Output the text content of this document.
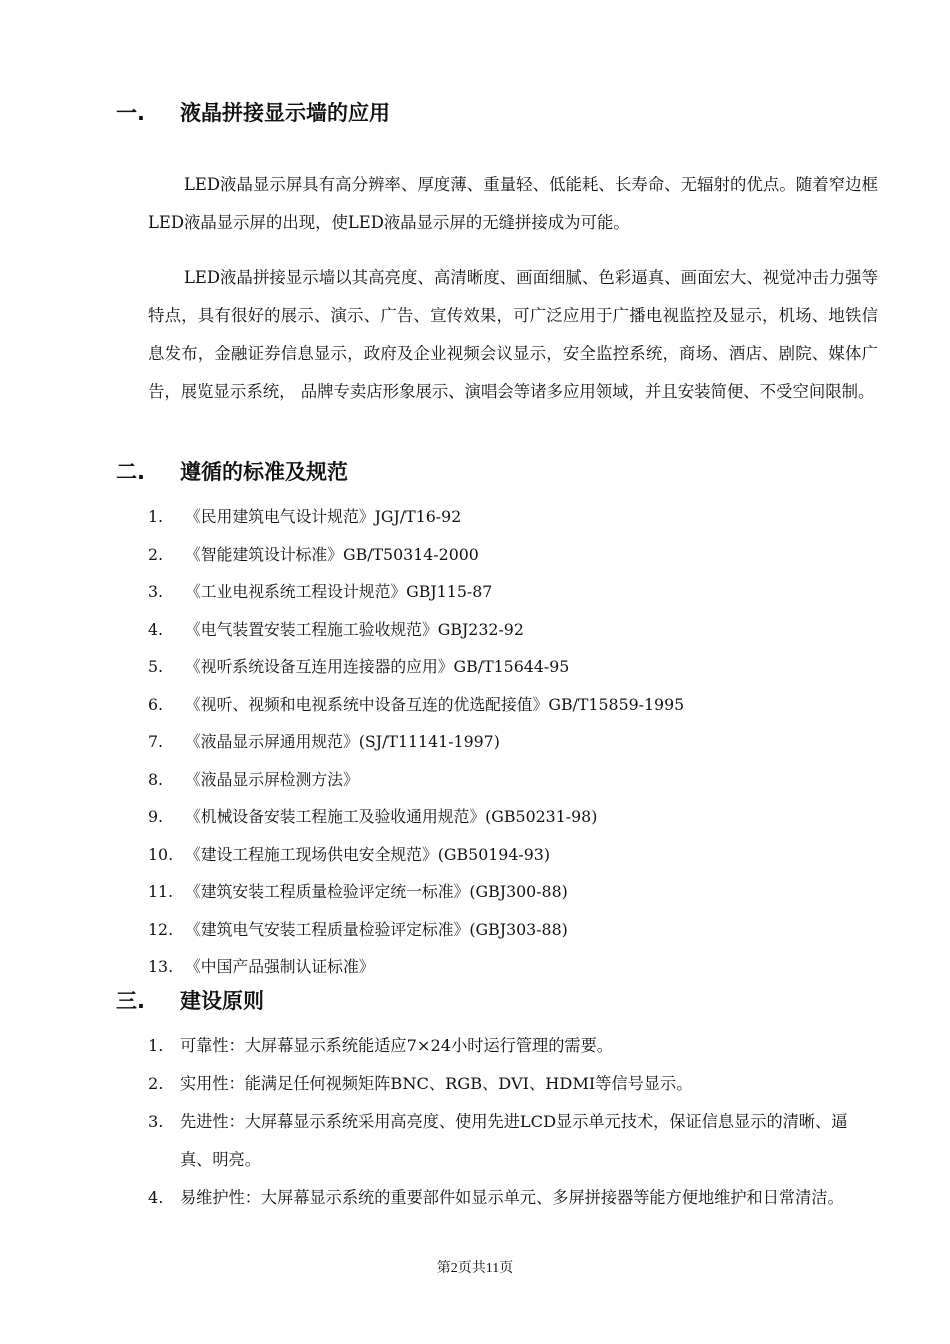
一. 液晶拼接显示墙的应用

LED液晶显示屏具有高分辨率、厚度薄、重量轻、低能耗、长寿命、无辐射的优点。随着窄边框LED液晶显示屏的出现，使LED液晶显示屏的无缝拼接成为可能。

LED液晶拼接显示墙以其高亮度、高清晰度、画面细腻、色彩逼真、画面宏大、视觉冲击力强等特点，具有很好的展示、演示、广告、宣传效果，可广泛应用于广播电视监控及显示，机场、地铁信息发布，金融证券信息显示，政府及企业视频会议显示，安全监控系统，商场、酒店、剧院、媒体广告，展览显示系统， 品牌专卖店形象展示、演唱会等诸多应用领域，并且安装简便、不受空间限制。

二. 遵循的标准及规范
1. 《民用建筑电气设计规范》JGJ/T16-92
2. 《智能建筑设计标准》GB/T50314-2000
3. 《工业电视系统工程设计规范》GBJ115-87
4. 《电气装置安装工程施工验收规范》GBJ232-92
5. 《视听系统设备互连用连接器的应用》GB/T15644-95
6. 《视听、视频和电视系统中设备互连的优选配接值》GB/T15859-1995
7. 《液晶显示屏通用规范》(SJ/T11141-1997)
8. 《液晶显示屏检测方法》
9. 《机械设备安装工程施工及验收通用规范》(GB50231-98)
10. 《建设工程施工现场供电安全规范》(GB50194-93)
11. 《建筑安装工程质量检验评定统一标准》(GBJ300-88)
12. 《建筑电气安装工程质量检验评定标准》(GBJ303-88)
13. 《中国产品强制认证标准》
三. 建设原则
1.	可靠性：大屏幕显示系统能适应7×24小时运行管理的需要。
2.	实用性：能满足任何视频矩阵BNC、RGB、DVI、HDMI等信号显示。
3.	先进性：大屏幕显示系统采用高亮度、使用先进LCD显示单元技术，保证信息显示的清晰、逼真、明亮。
4.	易维护性：大屏幕显示系统的重要部件如显示单元、多屏拼接器等能方便地维护和日常清洁。
第2页共11页
